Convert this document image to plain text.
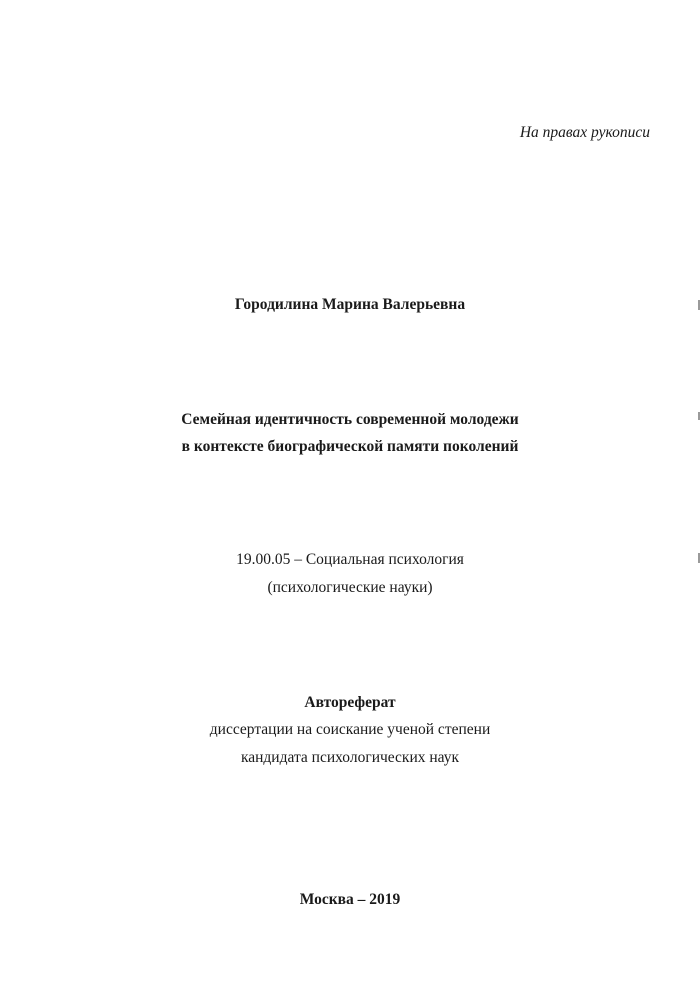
На правах рукописи
Городилина Марина Валерьевна
Семейная идентичность современной молодежи
в контексте биографической памяти поколений
19.00.05 – Социальная психология
(психологические науки)
Автореферат
диссертации на соискание ученой степени
кандидата психологических наук
Москва – 2019
